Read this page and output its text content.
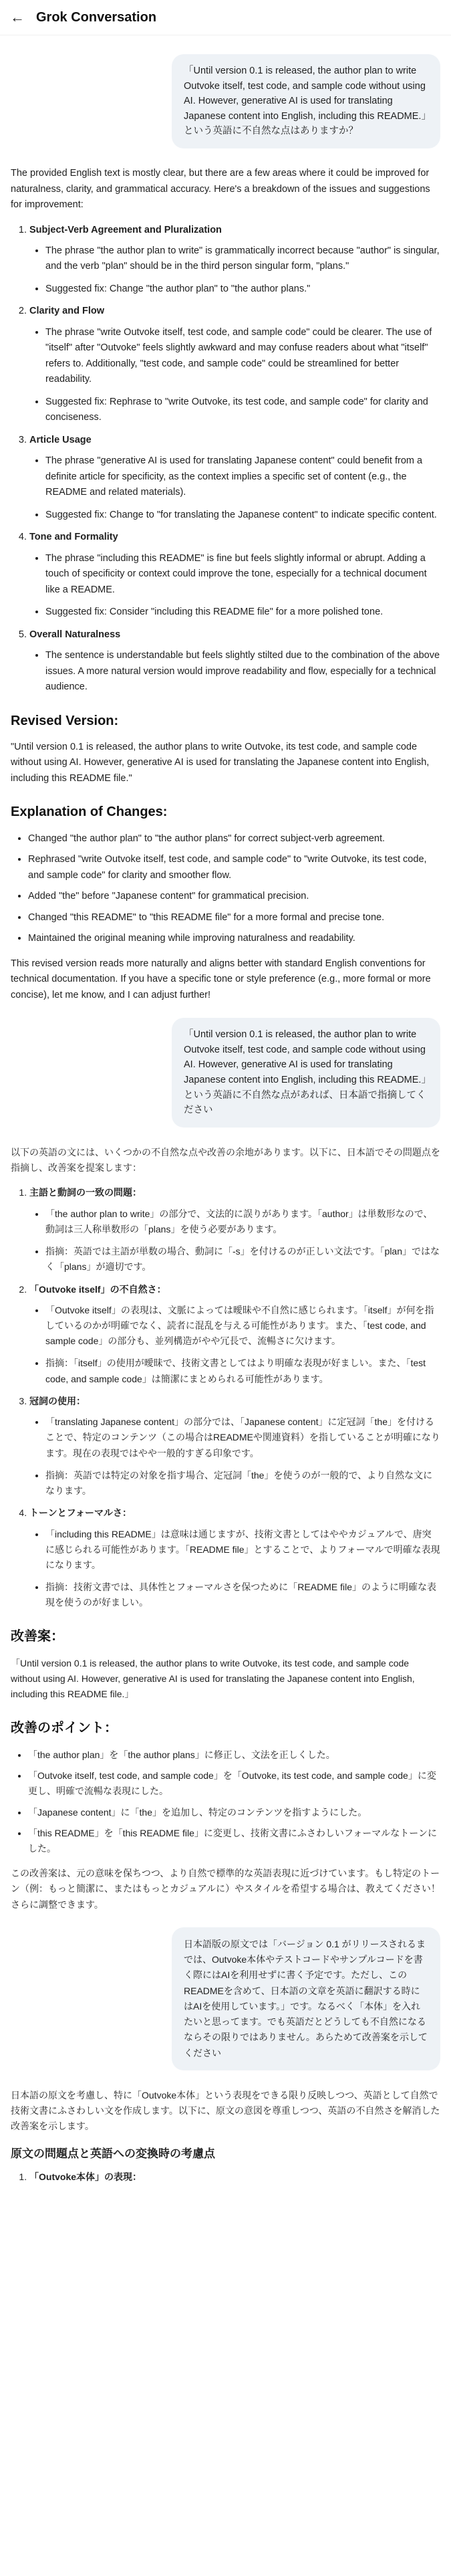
← Grok Conversation

「Until version 0.1 is released, the author plan to write Outvoke itself, test code, and sample code without using AI. However, generative AI is used for translating Japanese content into English, including this README.」という英語に不自然な点はありますか？

The provided English text is mostly clear, but there are a few areas where it could be improved for naturalness, clarity, and grammatical accuracy. Here's a breakdown of the issues and suggestions for improvement:

1. Subject-Verb Agreement and Pluralization
• The phrase "the author plan to write" is grammatically incorrect because "author" is singular, and the verb "plan" should be in the third person singular form, "plans."
• Suggested fix: Change "the author plan" to "the author plans."
2. Clarity and Flow
• The phrase "write Outvoke itself, test code, and sample code" could be clearer. The use of "itself" after "Outvoke" feels slightly awkward and may confuse readers about what "itself" refers to. Additionally, "test code, and sample code" could be streamlined for better readability.
• Suggested fix: Rephrase to "write Outvoke, its test code, and sample code" for clarity and conciseness.
3. Article Usage
• The phrase "generative AI is used for translating Japanese content" could benefit from a definite article for specificity, as the context implies a specific set of content (e.g., the README and related materials).
• Suggested fix: Change to "for translating the Japanese content" to indicate specific content.
4. Tone and Formality
• The phrase "including this README" is fine but feels slightly informal or abrupt. Adding a touch of specificity or context could improve the tone, especially for a technical document like a README.
• Suggested fix: Consider "including this README file" for a more polished tone.
5. Overall Naturalness
• The sentence is understandable but feels slightly stilted due to the combination of the above issues. A more natural version would improve readability and flow, especially for a technical audience.
Revised Version:

"Until version 0.1 is released, the author plans to write Outvoke, its test code, and sample code without using AI. However, generative AI is used for translating the Japanese content into English, including this README file."

Explanation of Changes:
• Changed "the author plan" to "the author plans" for correct subject-verb agreement.
• Rephrased "write Outvoke itself, test code, and sample code" to "write Outvoke, its test code, and sample code" for clarity and smoother flow.
• Added "the" before "Japanese content" for grammatical precision.
• Changed "this README" to "this README file" for a more formal and precise tone.
• Maintained the original meaning while improving naturalness and readability.

This revised version reads more naturally and aligns better with standard English conventions for technical documentation. If you have a specific tone or style preference (e.g., more formal or more concise), let me know, and I can adjust further!

「Until version 0.1 is released, the author plan to write Outvoke itself, test code, and sample code without using AI. However, generative AI is used for translating Japanese content into English, including this README.」という英語に不自然な点があれば、日本語で指摘してください

以下の英語の文には、いくつかの不自然な点や改善の余地があります。以下に、日本語でその問題点を指摘し、改善案を提案します：

1. 主語と動詞の一致の問題：
• 「the author plan to write」の部分で、文法的に誤りがあります。「author」は単数形なので、動詞は三人称単数形の「plans」を使う必要があります。
• 指摘：英語では主語が単数の場合、動詞に「-s」を付けるのが正しい文法です。「plan」ではなく「plans」が適切です。
2. 「Outvoke itself」の不自然さ：
• 「Outvoke itself」の表現は、文脈によっては曖昧や不自然に感じられます。「itself」が何を指しているのかが明確でなく、読者に混乱を与える可能性があります。また、「test code, and sample code」の部分も、並列構造がやや冗長で、流暢さに欠けます。
• 指摘：「itself」の使用が曖昧で、技術文書としてはより明確な表現が好ましい。また、「test code, and sample code」は簡潔にまとめられる可能性があります。
3. 冠詞の使用：
• 「translating Japanese content」の部分では、「Japanese content」に定冠詞「the」を付けることで、特定のコンテンツ（この場合はREADMEや関連資料）を指していることが明確になります。現在の表現ではやや一般的すぎる印象です。
• 指摘：英語では特定の対象を指す場合、定冠詞「the」を使うのが一般的で、より自然な文になります。
4. トーンとフォーマルさ：
• 「including this README」は意味は通じますが、技術文書としてはややカジュアルで、唐突に感じられる可能性があります。「README file」とすることで、よりフォーマルで明確な表現になります。
• 指摘：技術文書では、具体性とフォーマルさを保つために「README file」のように明確な表現を使うのが好ましい。
改善案：

「Until version 0.1 is released, the author plans to write Outvoke, its test code, and sample code without using AI. However, generative AI is used for translating the Japanese content into English, including this README file.」

改善のポイント：
• 「the author plan」を「the author plans」に修正し、文法を正しくした。
• 「Outvoke itself, test code, and sample code」を「Outvoke, its test code, and sample code」に変更し、明確で流暢な表現にした。
• 「Japanese content」に「the」を追加し、特定のコンテンツを指すようにした。
• 「this README」を「this README file」に変更し、技術文書にふさわしいフォーマルなトーンにした。

この改善案は、元の意味を保ちつつ、より自然で標準的な英語表現に近づけています。もし特定のトーン（例：もっと簡潔に、またはもっとカジュアルに）やスタイルを希望する場合は、教えてください！さらに調整できます。

日本語版の原文では「バージョン 0.1 がリリースされるまでは、Outvoke本体やテストコードやサンプルコードを書く際にはAIを利用せずに書く予定です。ただし、このREADMEを含めて、日本語の文章を英語に翻訳する時にはAIを使用しています。」です。なるべく「本体」を入れたいと思ってます。でも英語だとどうしても不自然になるならその限りではありません。あらためて改善案を示してください

日本語の原文を考慮し、特に「Outvoke本体」という表現をできる限り反映しつつ、英語として自然で技術文書にふさわしい文を作成します。以下に、原文の意図を尊重しつつ、英語の不自然さを解消した改善案を示します。

原文の問題点と英語への変換時の考慮点
1. 「Outvoke本体」の表現：
